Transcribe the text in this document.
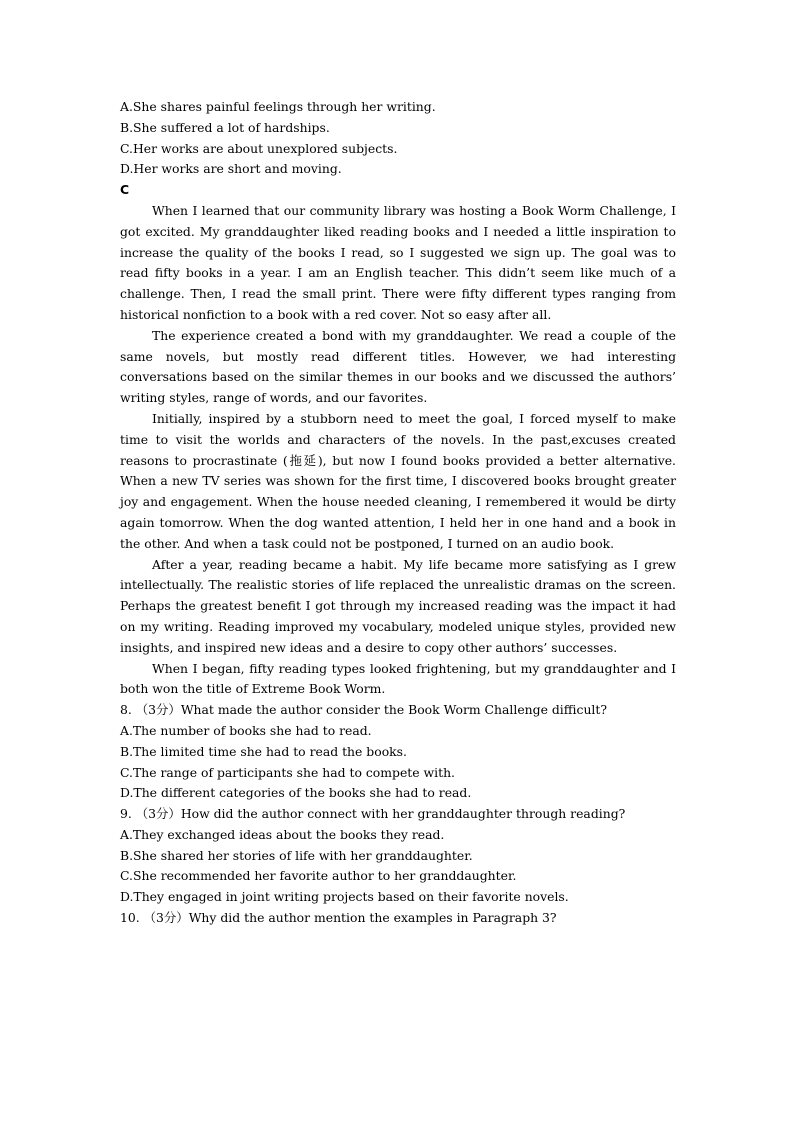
A.She shares painful feelings through her writing.

B.She suffered a lot of hardships.

C.Her works are about unexplored subjects.

D.Her works are short and moving.

C

When I learned that our community library was hosting a Book Worm Challenge, I got excited. My granddaughter liked reading books and I needed a little inspiration to increase the quality of the books I read, so I suggested we sign up. The goal was to read fifty books in a year. I am an English teacher. This didn’t seem like much of a challenge. Then, I read the small print. There were fifty different types ranging from historical nonfiction to a book with a red cover. Not so easy after all.

The experience created a bond with my granddaughter. We read a couple of the same novels, but mostly read different titles. However, we had interesting conversations based on the similar themes in our books and we discussed the authors’ writing styles, range of words, and our favorites.

Initially, inspired by a stubborn need to meet the goal, I forced myself to make time to visit the worlds and characters of the novels. In the past,excuses created reasons to procrastinate (拖延), but now I found books provided a better alternative. When a new TV series was shown for the first time, I discovered books brought greater joy and engagement. When the house needed cleaning, I remembered it would be dirty again tomorrow. When the dog wanted attention, I held her in one hand and a book in the other. And when a task could not be postponed, I turned on an audio book.

After a year, reading became a habit. My life became more satisfying as I grew intellectually. The realistic stories of life replaced the unrealistic dramas on the screen. Perhaps the greatest benefit I got through my increased reading was the impact it had on my writing. Reading improved my vocabulary, modeled unique styles, provided new insights, and inspired new ideas and a desire to copy other authors’ successes.

When I began, fifty reading types looked frightening, but my granddaughter and I both won the title of Extreme Book Worm.

8. （3分）What made the author consider the Book Worm Challenge difficult?

A.The number of books she had to read.

B.The limited time she had to read the books.

C.The range of participants she had to compete with.

D.The different categories of the books she had to read.

9. （3分）How did the author connect with her granddaughter through reading?

A.They exchanged ideas about the books they read.

B.She shared her stories of life with her granddaughter.

C.She recommended her favorite author to her granddaughter.

D.They engaged in joint writing projects based on their favorite novels.

10. （3分）Why did the author mention the examples in Paragraph 3?
